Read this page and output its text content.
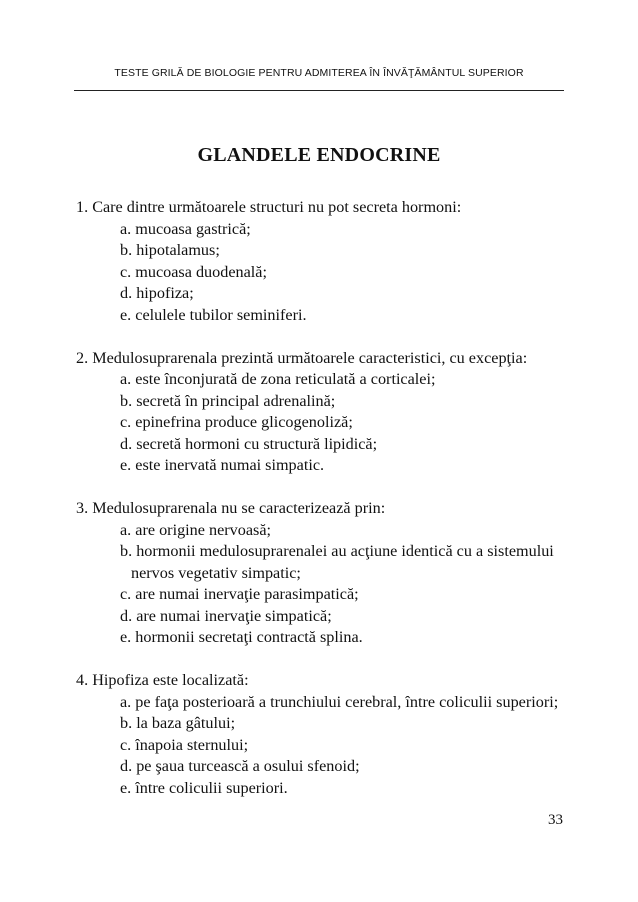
TESTE GRILĂ DE BIOLOGIE PENTRU ADMITEREA ÎN ÎNVĂŢĂMÂNTUL SUPERIOR
GLANDELE ENDOCRINE
1. Care dintre următoarele structuri nu pot secreta hormoni:
a. mucoasa gastrică;
b. hipotalamus;
c. mucoasa duodenală;
d. hipofiza;
e. celulele tubilor seminiferi.
2. Medulosuprarenala prezintă următoarele caracteristici, cu excepţia:
a. este înconjurată de zona reticulată a corticalei;
b. secretă în principal adrenalină;
c. epinefrina produce glicogenoliză;
d. secretă hormoni cu structură lipidică;
e. este inervată numai simpatic.
3. Medulosuprarenala nu se caracterizează prin:
a. are origine nervoasă;
b. hormonii medulosuprarenalei au acţiune identică cu a sistemului nervos vegetativ simpatic;
c. are numai inervaţie parasimpatică;
d. are numai inervaţie simpatică;
e. hormonii secretaţi contractă splina.
4. Hipofiza este localizată:
a. pe faţa posterioară a trunchiului cerebral, între coliculii superiori;
b. la baza gâtului;
c. înapoia sternului;
d. pe şaua turcească a osului sfenoid;
e. între coliculii superiori.
33
